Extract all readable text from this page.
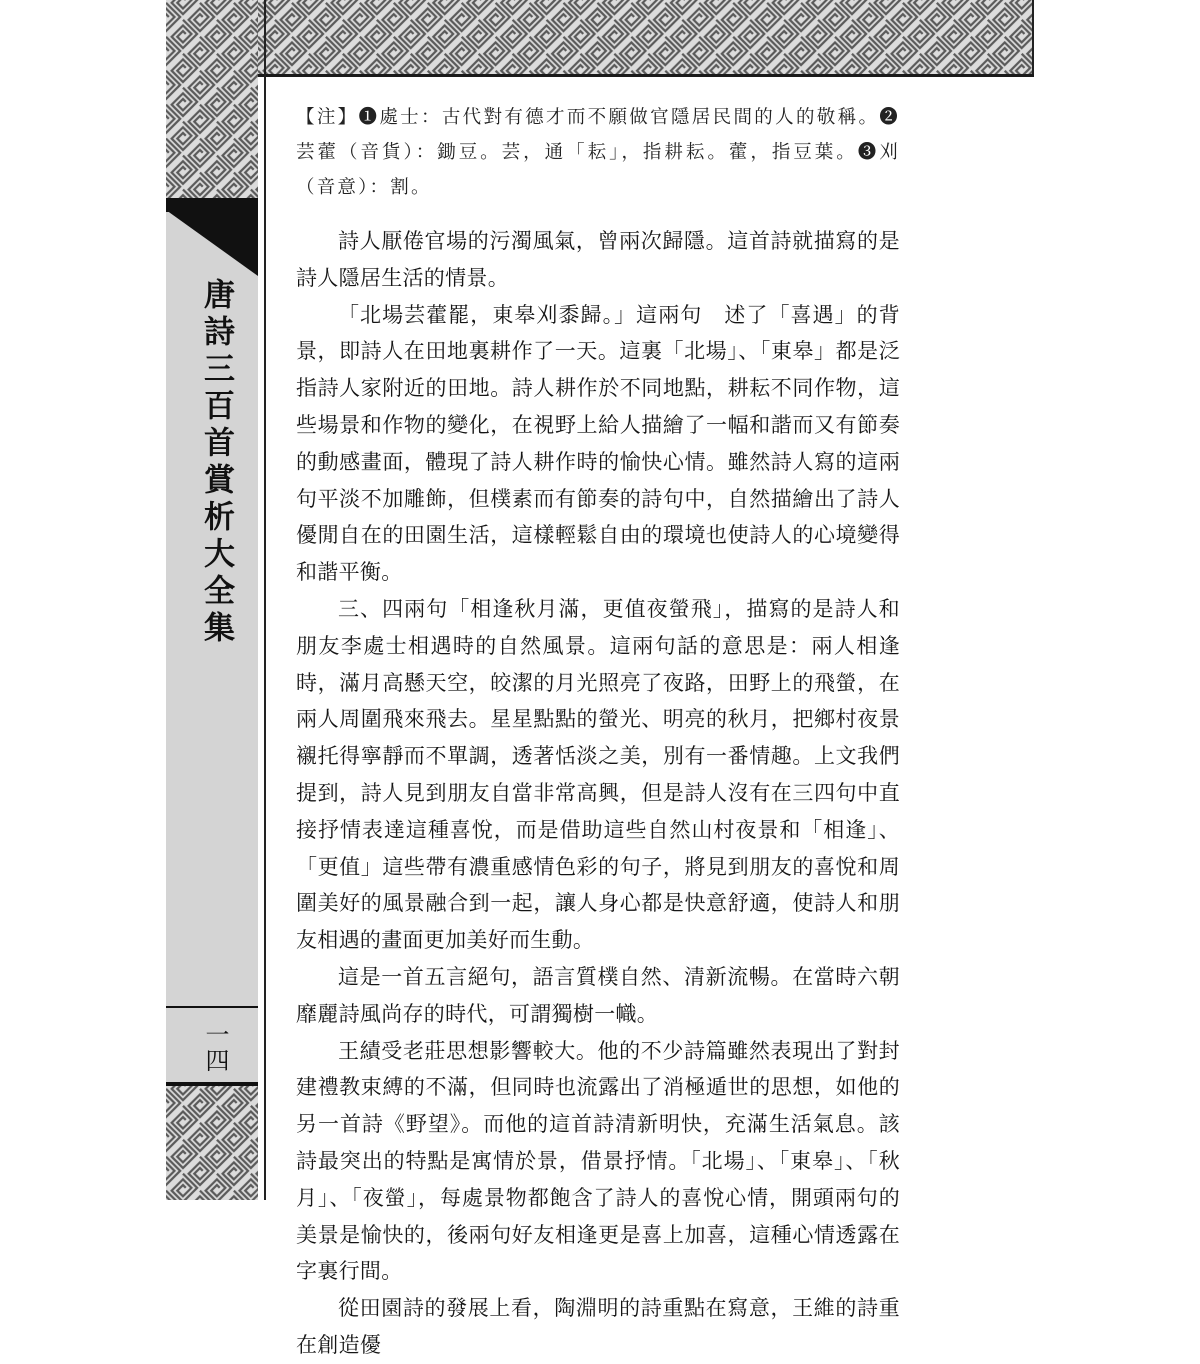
唐詩三百首賞析大全集
一四

【注】❶處士：古代對有德才而不願做官隱居民間的人的敬稱。❷芸藿（音貨）：鋤豆。芸，通「耘」，指耕耘。藿，指豆葉。❸刈（音意）：割。

詩人厭倦官場的污濁風氣，曾兩次歸隱。這首詩就描寫的是詩人隱居生活的情景。

「北場芸藿罷，東皋刈黍歸。」這兩句　述了「喜遇」的背景，即詩人在田地裏耕作了一天。這裏「北場」、「東皋」都是泛指詩人家附近的田地。詩人耕作於不同地點，耕耘不同作物，這些場景和作物的變化，在視野上給人描繪了一幅和諧而又有節奏的動感畫面，體現了詩人耕作時的愉快心情。雖然詩人寫的這兩句平淡不加雕飾，但樸素而有節奏的詩句中，自然描繪出了詩人優閒自在的田園生活，這樣輕鬆自由的環境也使詩人的心境變得和諧平衡。

三、四兩句「相逢秋月滿，更值夜螢飛」，描寫的是詩人和朋友李處士相遇時的自然風景。這兩句話的意思是：兩人相逢時，滿月高懸天空，皎潔的月光照亮了夜路，田野上的飛螢，在兩人周圍飛來飛去。星星點點的螢光、明亮的秋月，把鄉村夜景襯托得寧靜而不單調，透著恬淡之美，別有一番情趣。上文我們提到，詩人見到朋友自當非常高興，但是詩人沒有在三四句中直接抒情表達這種喜悅，而是借助這些自然山村夜景和「相逢」、「更值」這些帶有濃重感情色彩的句子，將見到朋友的喜悅和周圍美好的風景融合到一起，讓人身心都是快意舒適，使詩人和朋友相遇的畫面更加美好而生動。

這是一首五言絕句，語言質樸自然、清新流暢。在當時六朝靡麗詩風尚存的時代，可謂獨樹一幟。

王績受老莊思想影響較大。他的不少詩篇雖然表現出了對封建禮教束縛的不滿，但同時也流露出了消極遁世的思想，如他的另一首詩《野望》。而他的這首詩清新明快，充滿生活氣息。該詩最突出的特點是寓情於景，借景抒情。「北場」、「東皋」、「秋月」、「夜螢」，每處景物都飽含了詩人的喜悅心情，開頭兩句的美景是愉快的，後兩句好友相逢更是喜上加喜，這種心情透露在字裏行間。

從田園詩的發展上看，陶淵明的詩重點在寫意，王維的詩重在創造優
